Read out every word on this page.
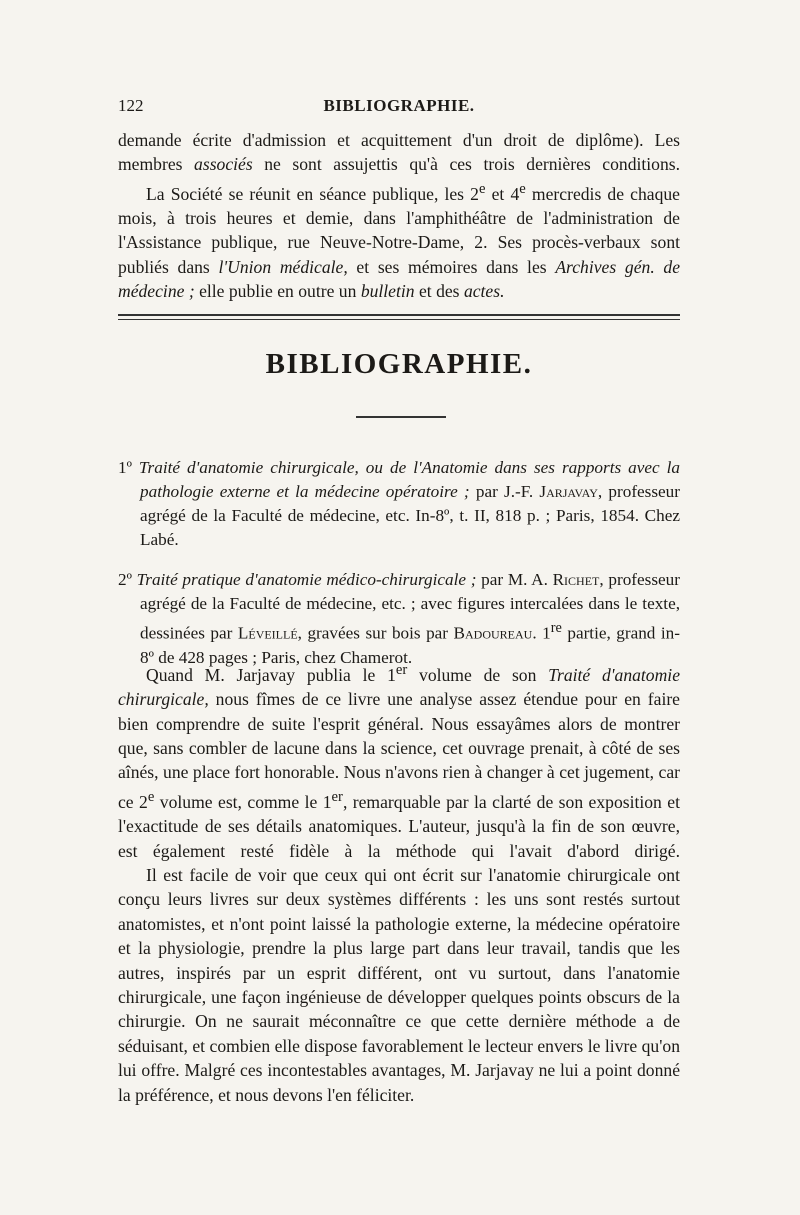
122	BIBLIOGRAPHIE.

demande écrite d'admission et acquittement d'un droit de diplôme). Les membres associés ne sont assujettis qu'à ces trois dernières conditions.

La Société se réunit en séance publique, les 2e et 4e mercredis de chaque mois, à trois heures et demie, dans l'amphithéâtre de l'administration de l'Assistance publique, rue Neuve-Notre-Dame, 2. Ses procès-verbaux sont publiés dans l'Union médicale, et ses mémoires dans les Archives gén. de médecine ; elle publie en outre un bulletin et des actes.

BIBLIOGRAPHIE.

1º Traité d'anatomie chirurgicale, ou de l'Anatomie dans ses rapports avec la pathologie externe et la médecine opératoire ; par J.-F. Jarjavay, professeur agrégé de la Faculté de médecine, etc. In-8º, t. II, 818 p. ; Paris, 1854. Chez Labé.

2º Traité pratique d'anatomie médico-chirurgicale ; par M. A. Richet, professeur agrégé de la Faculté de médecine, etc. ; avec figures intercalées dans le texte, dessinées par Léveillé, gravées sur bois par Badoureau. 1re partie, grand in-8º de 428 pages ; Paris, chez Chamerot.

Quand M. Jarjavay publia le 1er volume de son Traité d'anatomie chirurgicale, nous fîmes de ce livre une analyse assez étendue pour en faire bien comprendre de suite l'esprit général. Nous essayâmes alors de montrer que, sans combler de lacune dans la science, cet ouvrage prenait, à côté de ses aînés, une place fort honorable. Nous n'avons rien à changer à cet jugement, car ce 2e volume est, comme le 1er, remarquable par la clarté de son exposition et l'exactitude de ses détails anatomiques. L'auteur, jusqu'à la fin de son œuvre, est également resté fidèle à la méthode qui l'avait d'abord dirigé.

Il est facile de voir que ceux qui ont écrit sur l'anatomie chirurgicale ont conçu leurs livres sur deux systèmes différents : les uns sont restés surtout anatomistes, et n'ont point laissé la pathologie externe, la médecine opératoire et la physiologie, prendre la plus large part dans leur travail, tandis que les autres, inspirés par un esprit différent, ont vu surtout, dans l'anatomie chirurgicale, une façon ingénieuse de développer quelques points obscurs de la chirurgie. On ne saurait méconnaître ce que cette dernière méthode a de séduisant, et combien elle dispose favorablement le lecteur envers le livre qu'on lui offre. Malgré ces incontestables avantages, M. Jarjavay ne lui a point donné la préférence, et nous devons l'en féliciter.
